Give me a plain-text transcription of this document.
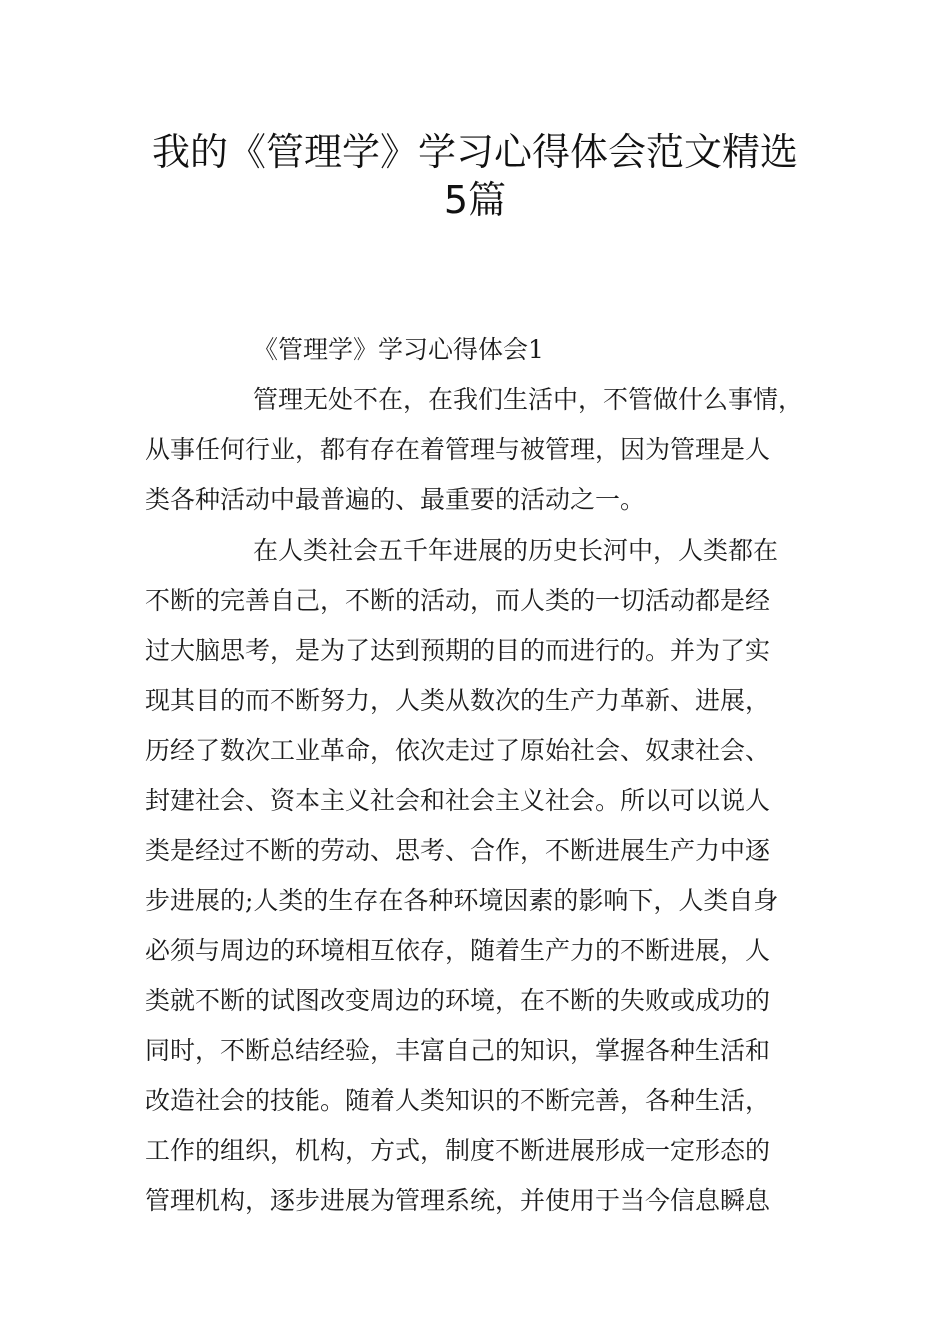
我的《管理学》学习心得体会范文精选
5篇
《管理学》学习心得体会1
管理无处不在，在我们生活中，不管做什么事情，
从事任何行业，都有存在着管理与被管理，因为管理是人
类各种活动中最普遍的、最重要的活动之一。
在人类社会五千年进展的历史长河中，人类都在
不断的完善自己，不断的活动，而人类的一切活动都是经
过大脑思考，是为了达到预期的目的而进行的。并为了实
现其目的而不断努力，人类从数次的生产力革新、进展，
历经了数次工业革命，依次走过了原始社会、奴隶社会、
封建社会、资本主义社会和社会主义社会。所以可以说人
类是经过不断的劳动、思考、合作，不断进展生产力中逐
步进展的;人类的生存在各种环境因素的影响下，人类自身
必须与周边的环境相互依存，随着生产力的不断进展，人
类就不断的试图改变周边的环境，在不断的失败或成功的
同时，不断总结经验，丰富自己的知识，掌握各种生活和
改造社会的技能。随着人类知识的不断完善，各种生活，
工作的组织，机构，方式，制度不断进展形成一定形态的
管理机构，逐步进展为管理系统，并使用于当今信息瞬息
